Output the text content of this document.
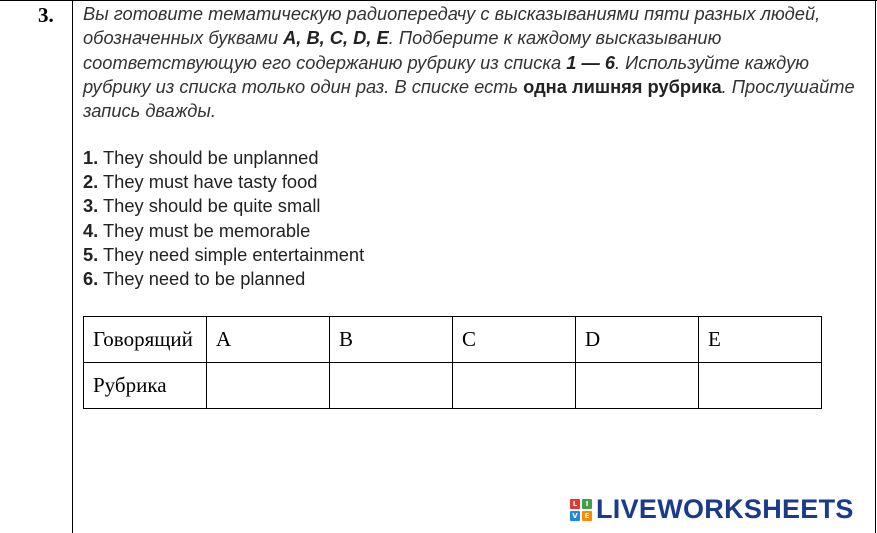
3. Вы готовите тематическую радиопередачу с высказываниями пяти разных людей, обозначенных буквами A, B, C, D, E. Подберите к каждому высказыванию соответствующую его содержанию рубрику из списка 1 — 6. Используйте каждую рубрику из списка только один раз. В списке есть одна лишняя рубрика. Прослушайте запись дважды.

1. They should be unplanned
2. They must have tasty food
3. They should be quite small
4. They must be memorable
5. They need simple entertainment
6. They need to be planned
Говорящий	A	B	C	D	E
Рубрика					
L	I
V E LIVEWORKSHEETS
